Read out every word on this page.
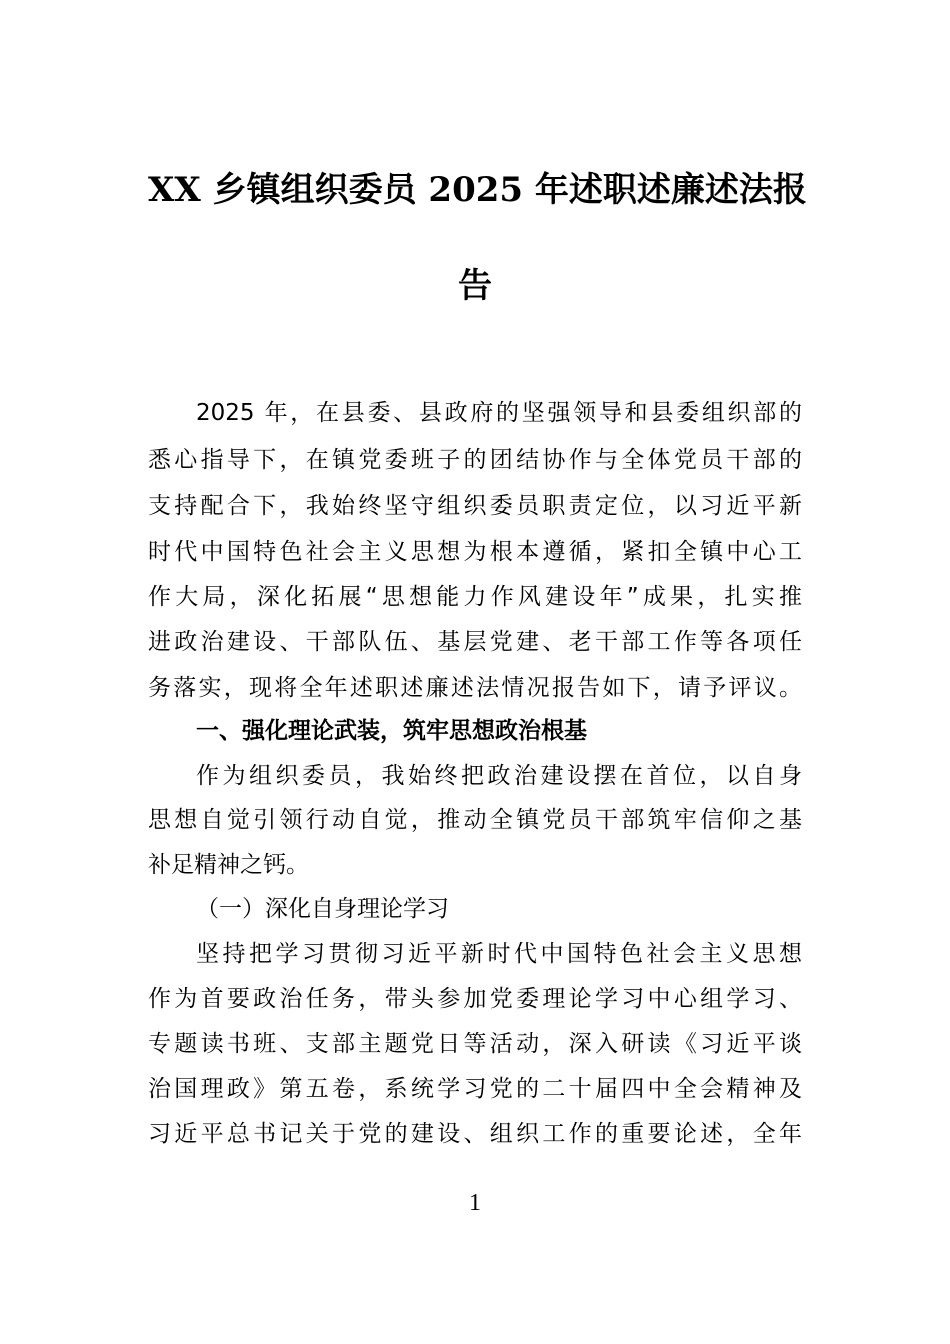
XX 乡镇组织委员 2025 年述职述廉述法报
告

2025 年，在县委、县政府的坚强领导和县委组织部的

悉心指导下，在镇党委班子的团结协作与全体党员干部的

支持配合下，我始终坚守组织委员职责定位，以习近平新

时代中国特色社会主义思想为根本遵循，紧扣全镇中心工

作大局，深化拓展“思想能力作风建设年”成果，扎实推

进政治建设、干部队伍、基层党建、老干部工作等各项任

务落实，现将全年述职述廉述法情况报告如下，请予评议。

一、强化理论武装，筑牢思想政治根基

作为组织委员，我始终把政治建设摆在首位，以自身

思想自觉引领行动自觉，推动全镇党员干部筑牢信仰之基

补足精神之钙。

（一）深化自身理论学习

坚持把学习贯彻习近平新时代中国特色社会主义思想

作为首要政治任务，带头参加党委理论学习中心组学习、

专题读书班、支部主题党日等活动，深入研读《习近平谈

治国理政》第五卷，系统学习党的二十届四中全会精神及

习近平总书记关于党的建设、组织工作的重要论述，全年

1
